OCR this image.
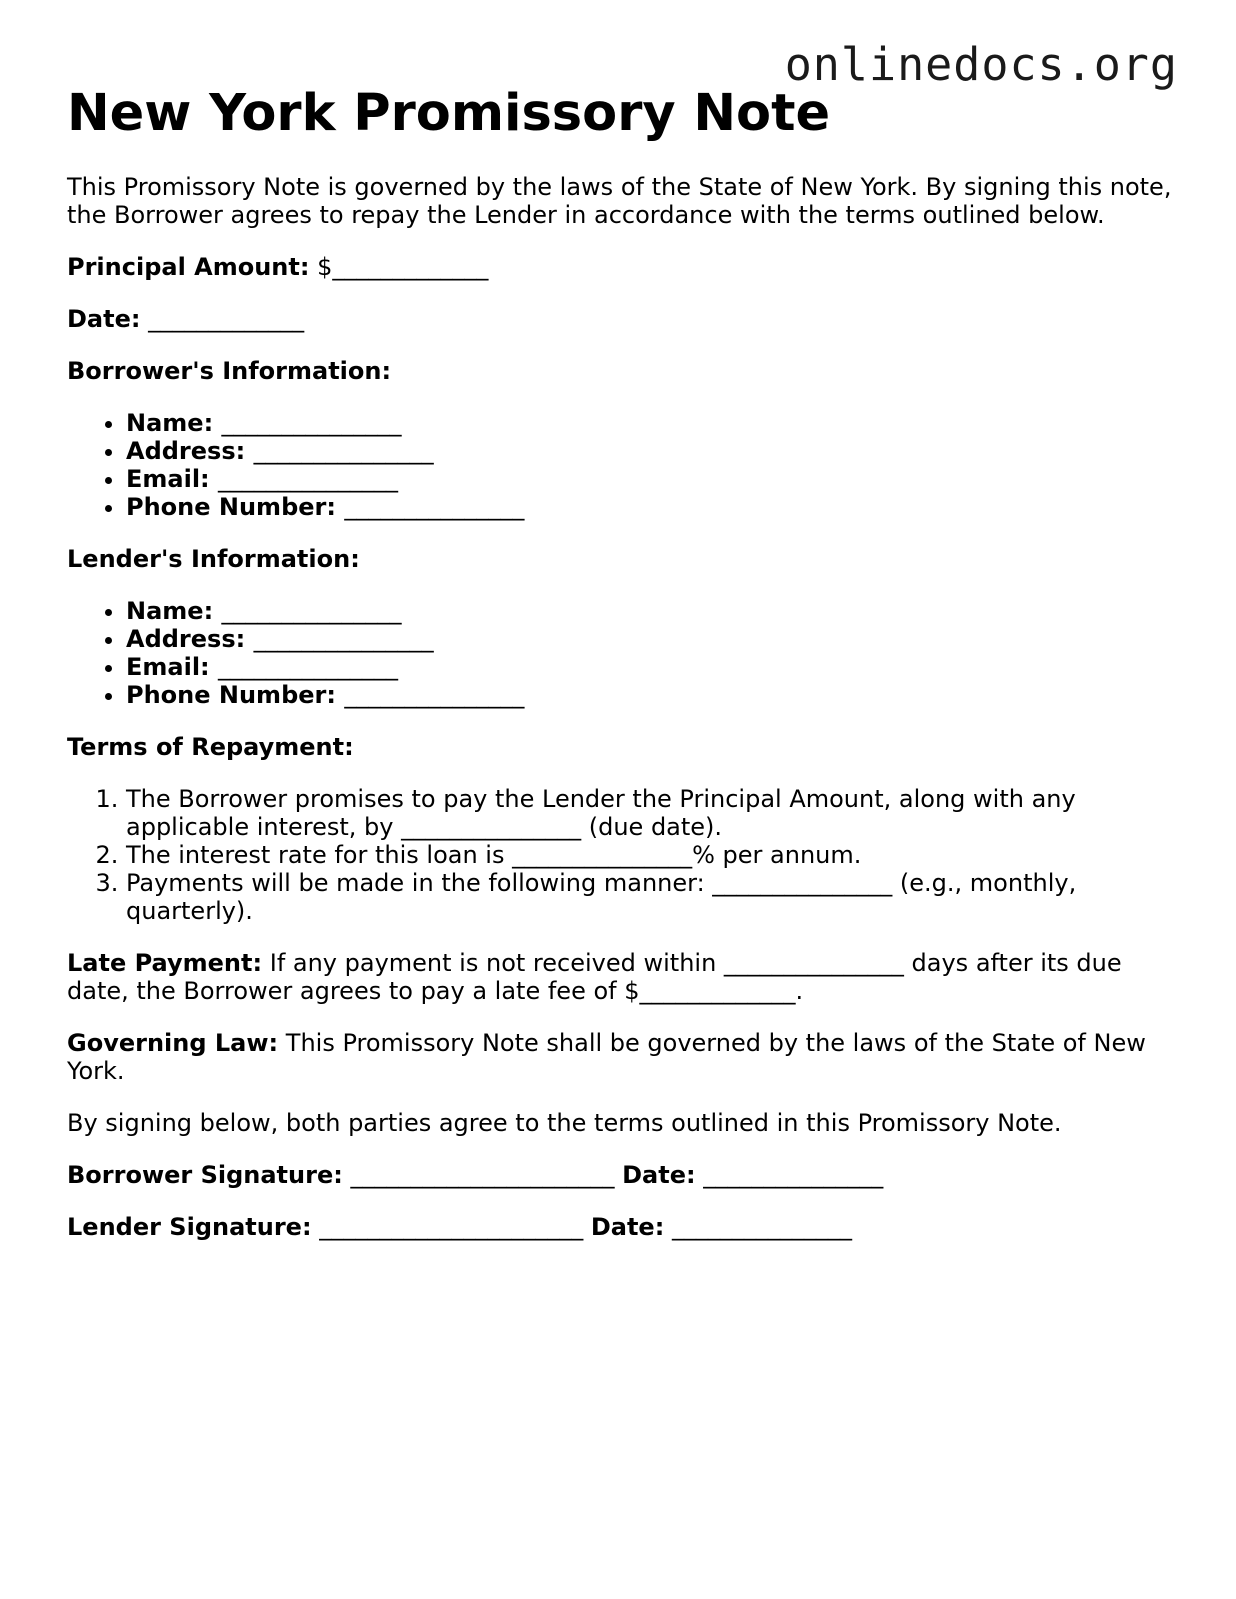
onlinedocs.org
New York Promissory Note

This Promissory Note is governed by the laws of the State of New York. By signing this note, the Borrower agrees to repay the Lender in accordance with the terms outlined below.

Principal Amount: $_____________

Date: _____________

Borrower's Information:

• Name: _______________
• Address: _______________
• Email: _______________
• Phone Number: _______________

Lender's Information:

• Name: _______________
• Address: _______________
• Email: _______________
• Phone Number: _______________

Terms of Repayment:

1. The Borrower promises to pay the Lender the Principal Amount, along with any applicable interest, by _______________ (due date).
2. The interest rate for this loan is _______________% per annum.
3. Payments will be made in the following manner: _______________ (e.g., monthly, quarterly).

Late Payment: If any payment is not received within _______________ days after its due date, the Borrower agrees to pay a late fee of $_____________.

Governing Law: This Promissory Note shall be governed by the laws of the State of New York.

By signing below, both parties agree to the terms outlined in this Promissory Note.

Borrower Signature: ______________________ Date: _______________

Lender Signature: ______________________ Date: _______________
